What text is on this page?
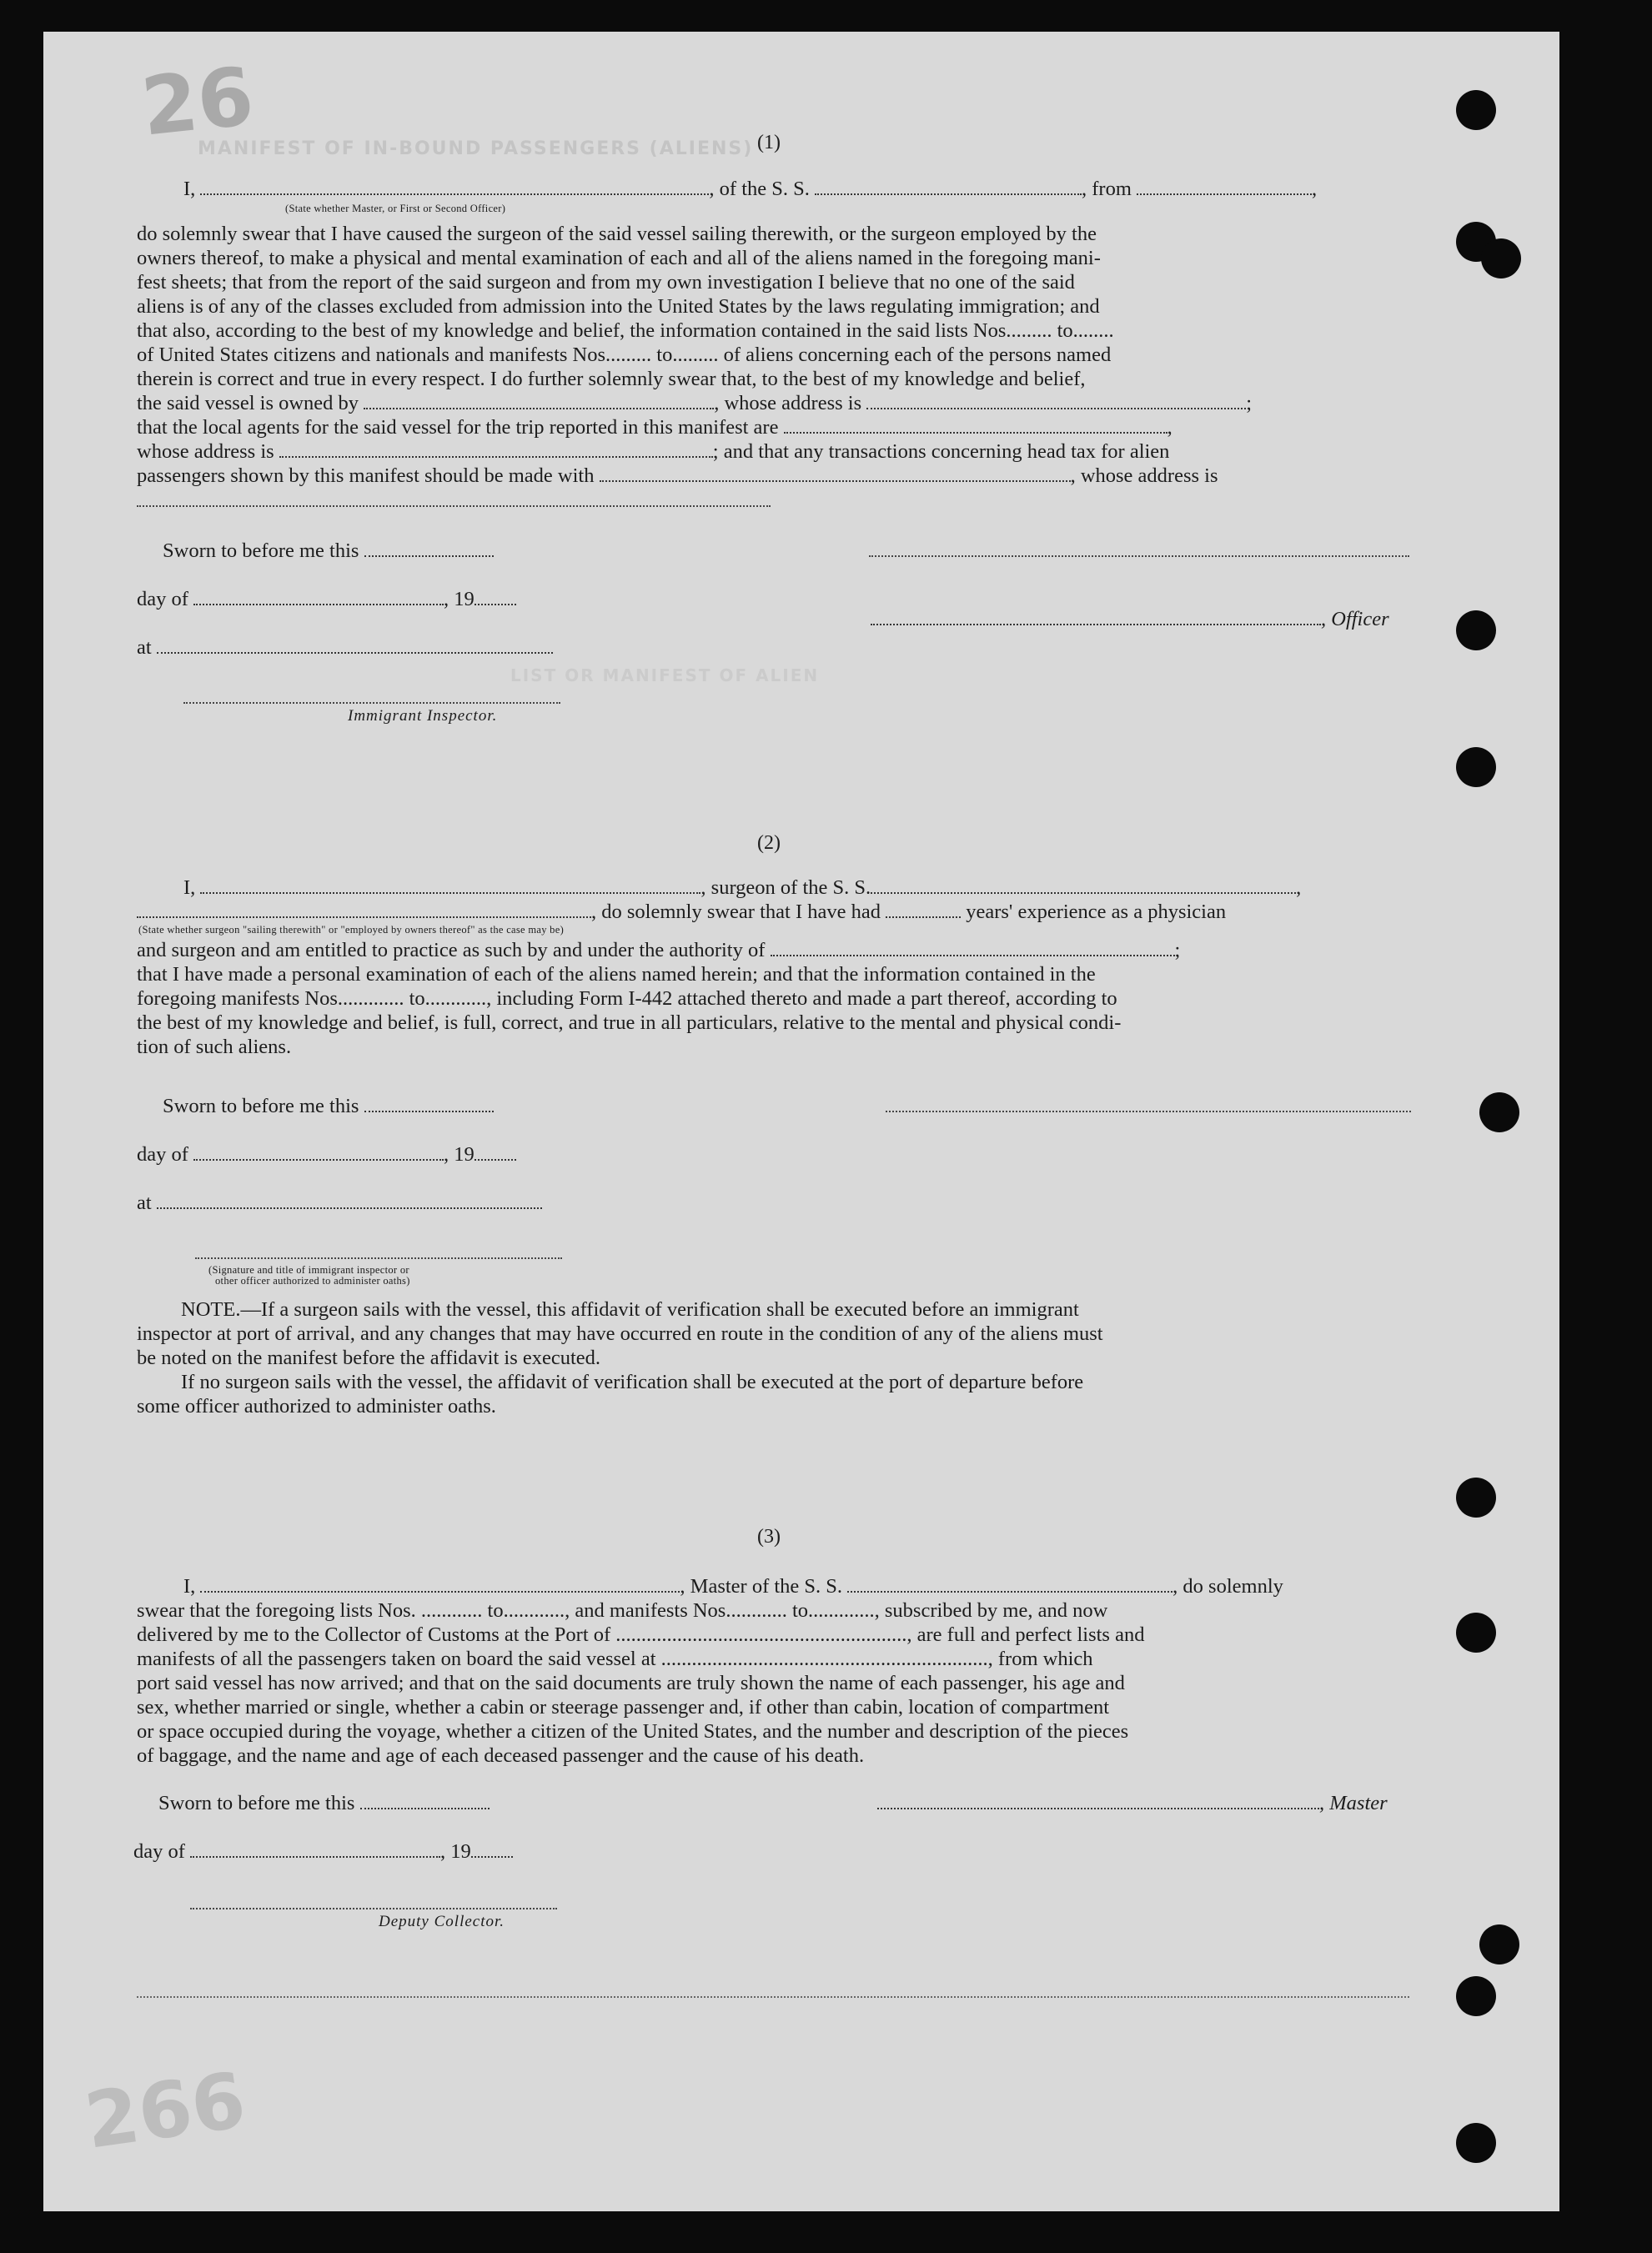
26
266
MANIFEST OF IN-BOUND PASSENGERS (ALIENS)
LIST OR MANIFEST OF ALIEN
(1)
I,	, of the S. S.	, from	,
(State whether Master, or First or Second Officer)
do solemnly swear that I have caused the surgeon of the said vessel sailing therewith, or the surgeon employed by the
owners thereof, to make a physical and mental examination of each and all of the aliens named in the foregoing mani-
fest sheets; that from the report of the said surgeon and from my own investigation I believe that no one of the said
aliens is of any of the classes excluded from admission into the United States by the laws regulating immigration; and
that also, according to the best of my knowledge and belief, the information contained in the said lists Nos......... to........
of United States citizens and nationals and manifests Nos......... to......... of aliens concerning each of the persons named
therein is correct and true in every respect. I do further solemnly swear that, to the best of my knowledge and belief,
the said vessel is owned by	, whose address is	;
that the local agents for the said vessel for the trip reported in this manifest are	,
whose address is	; and that any transactions concerning head tax for alien
passengers shown by this manifest should be made with	, whose address is
Sworn to before me this
day of	, 19
, Officer
at
Immigrant Inspector.
(2)
I,	, surgeon of the S. S.	,
, do solemnly swear that I have had	years' experience as a physician
(State whether surgeon "sailing therewith" or "employed by owners thereof" as the case may be)
and surgeon and am entitled to practice as such by and under the authority of	;
that I have made a personal examination of each of the aliens named herein; and that the information contained in the
foregoing manifests Nos............. to............, including Form I-442 attached thereto and made a part thereof, according to
the best of my knowledge and belief, is full, correct, and true in all particulars, relative to the mental and physical condi-
tion of such aliens.
Sworn to before me this
day of	, 19
at
(Signature and title of immigrant inspector or
other officer authorized to administer oaths)
NOTE.—If a surgeon sails with the vessel, this affidavit of verification shall be executed before an immigrant
inspector at port of arrival, and any changes that may have occurred en route in the condition of any of the aliens must
be noted on the manifest before the affidavit is executed.
If no surgeon sails with the vessel, the affidavit of verification shall be executed at the port of departure before
some officer authorized to administer oaths.
(3)
I,	, Master of the S. S.	, do solemnly
swear that the foregoing lists Nos. ............ to............, and manifests Nos............ to............., subscribed by me, and now
delivered by me to the Collector of Customs at the Port of ........................................................., are full and perfect lists and
manifests of all the passengers taken on board the said vessel at ................................................................, from which
port said vessel has now arrived; and that on the said documents are truly shown the name of each passenger, his age and
sex, whether married or single, whether a cabin or steerage passenger and, if other than cabin, location of compartment
or space occupied during the voyage, whether a citizen of the United States, and the number and description of the pieces
of baggage, and the name and age of each deceased passenger and the cause of his death.
Sworn to before me this	, Master
day of	, 19
Deputy Collector.
